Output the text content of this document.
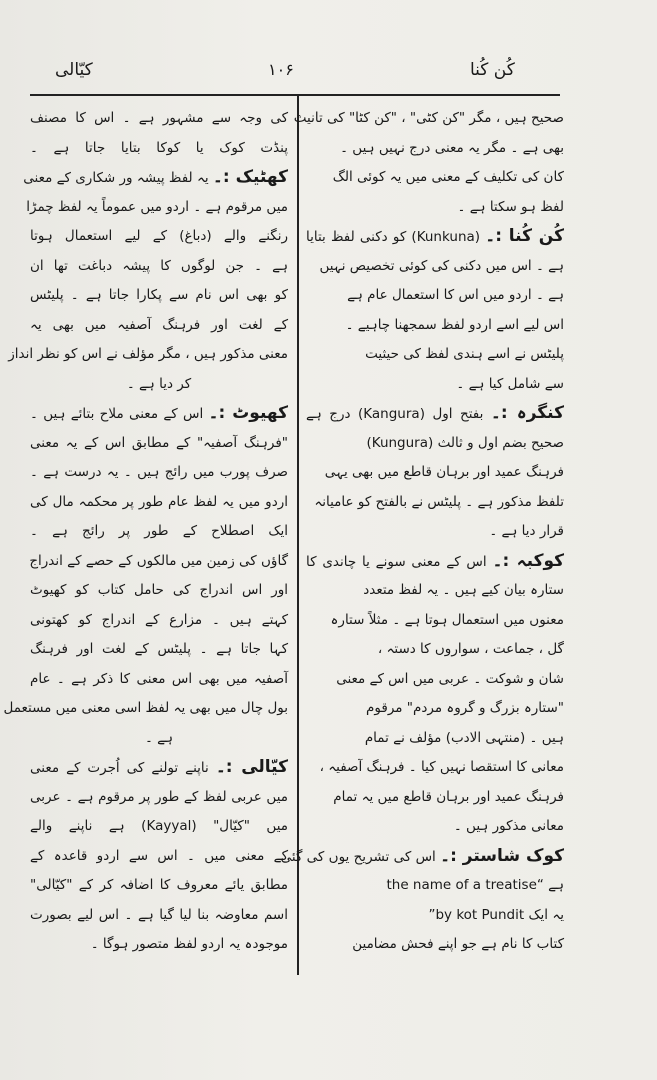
کیّالی	۱۰۶	کُن کُنا
صحیح ہیں ، مگر "کن کٹی" ، "کن کٹا" کی تانیث
بھی ہے ۔ مگر یہ معنی درج نہیں ہیں ۔
کان کی تکلیف کے معنی میں یہ کوئی الگ
لفظ ہو سکتا ہے ۔
کُن کُنا :۔ (Kunkuna) کو دکنی لفظ بتایا
ہے ۔ اس میں دکنی کی کوئی تخصیص نہیں
ہے ۔ اردو میں اس کا استعمال عام ہے
اس لیے اسے اردو لفظ سمجھنا چاہیے ۔
پلیٹس نے اسے ہندی لفظ کی حیثیت
سے شامل کیا ہے ۔
کنگرہ :۔ بفتح اول (Kangura) درج ہے
صحیح بضم اول و ثالث (Kungura)
فرہنگ عمید اور برہان قاطع میں بھی یہی
تلفظ مذکور ہے ۔ پلیٹس نے بالفتح کو عامیانہ
قرار دیا ہے ۔
کوکبہ :۔ اس کے معنی سونے یا چاندی کا
ستارہ بیان کیے ہیں ۔ یہ لفظ متعدد
معنوں میں استعمال ہوتا ہے ۔ مثلاً ستارہ
گل ، جماعت ، سواروں کا دستہ ،
شان و شوکت ۔ عربی میں اس کے معنی
"ستارہ بزرگ و گروہ مردم" مرقوم
ہیں ۔ (منتہی الادب) مؤلف نے تمام
معانی کا استقصا نہیں کیا ۔ فرہنگ آصفیہ ،
فرہنگ عمید اور برہان قاطع میں یہ تمام
معانی مذکور ہیں ۔
کوک شاستر :۔ اس کی تشریح یوں کی گئی
ہے “the name of a treatise
یہ ایک by kot Pundit”
کتاب کا نام ہے جو اپنے فحش مضامین
کی وجہ سے مشہور ہے ۔ اس کا مصنف
پنڈت کوک یا کوکا بتایا جاتا ہے ۔
کھٹیک :۔ یہ لفظ پیشہ ور شکاری کے معنی
میں مرقوم ہے ۔ اردو میں عموماً یہ لفظ چمڑا
رنگنے والے (دباغ) کے لیے استعمال ہوتا
ہے ۔ جن لوگوں کا پیشہ دباغت تھا ان
کو بھی اس نام سے پکارا جاتا ہے ۔ پلیٹس
کے لغت اور فرہنگ آصفیہ میں بھی یہ
معنی مذکور ہیں ، مگر مؤلف نے اس کو نظر انداز
کر دیا ہے ۔
کھیوٹ :۔ اس کے معنی ملاح بتائے ہیں ۔
"فرہنگ آصفیہ" کے مطابق اس کے یہ معنی
صرف پورب میں رائج ہیں ۔ یہ درست ہے ۔
اردو میں یہ لفظ عام طور پر محکمہ مال کی
ایک اصطلاح کے طور پر رائج ہے ۔
گاؤں کی زمین میں مالکوں کے حصے کے اندراج
اور اس اندراج کی حامل کتاب کو کھیوٹ
کہتے ہیں ۔ مزارع کے اندراج کو کھتونی
کہا جاتا ہے ۔ پلیٹس کے لغت اور فرہنگ
آصفیہ میں بھی اس معنی کا ذکر ہے ۔ عام
بول چال میں بھی یہ لفظ اسی معنی میں مستعمل
ہے ۔
کیّالی :۔ ناپنے تولنے کی اُجرت کے معنی
میں عربی لفظ کے طور پر مرقوم ہے ۔ عربی
میں "کیّال" (Kayyal) ہے ناپنے والے
کے معنی میں ۔ اس سے اردو قاعدہ کے
مطابق یائے معروف کا اضافہ کر کے "کیّالی"
اسم معاوضہ بنا لیا گیا ہے ۔ اس لیے بصورت
موجودہ یہ اردو لفظ متصور ہوگا ۔
